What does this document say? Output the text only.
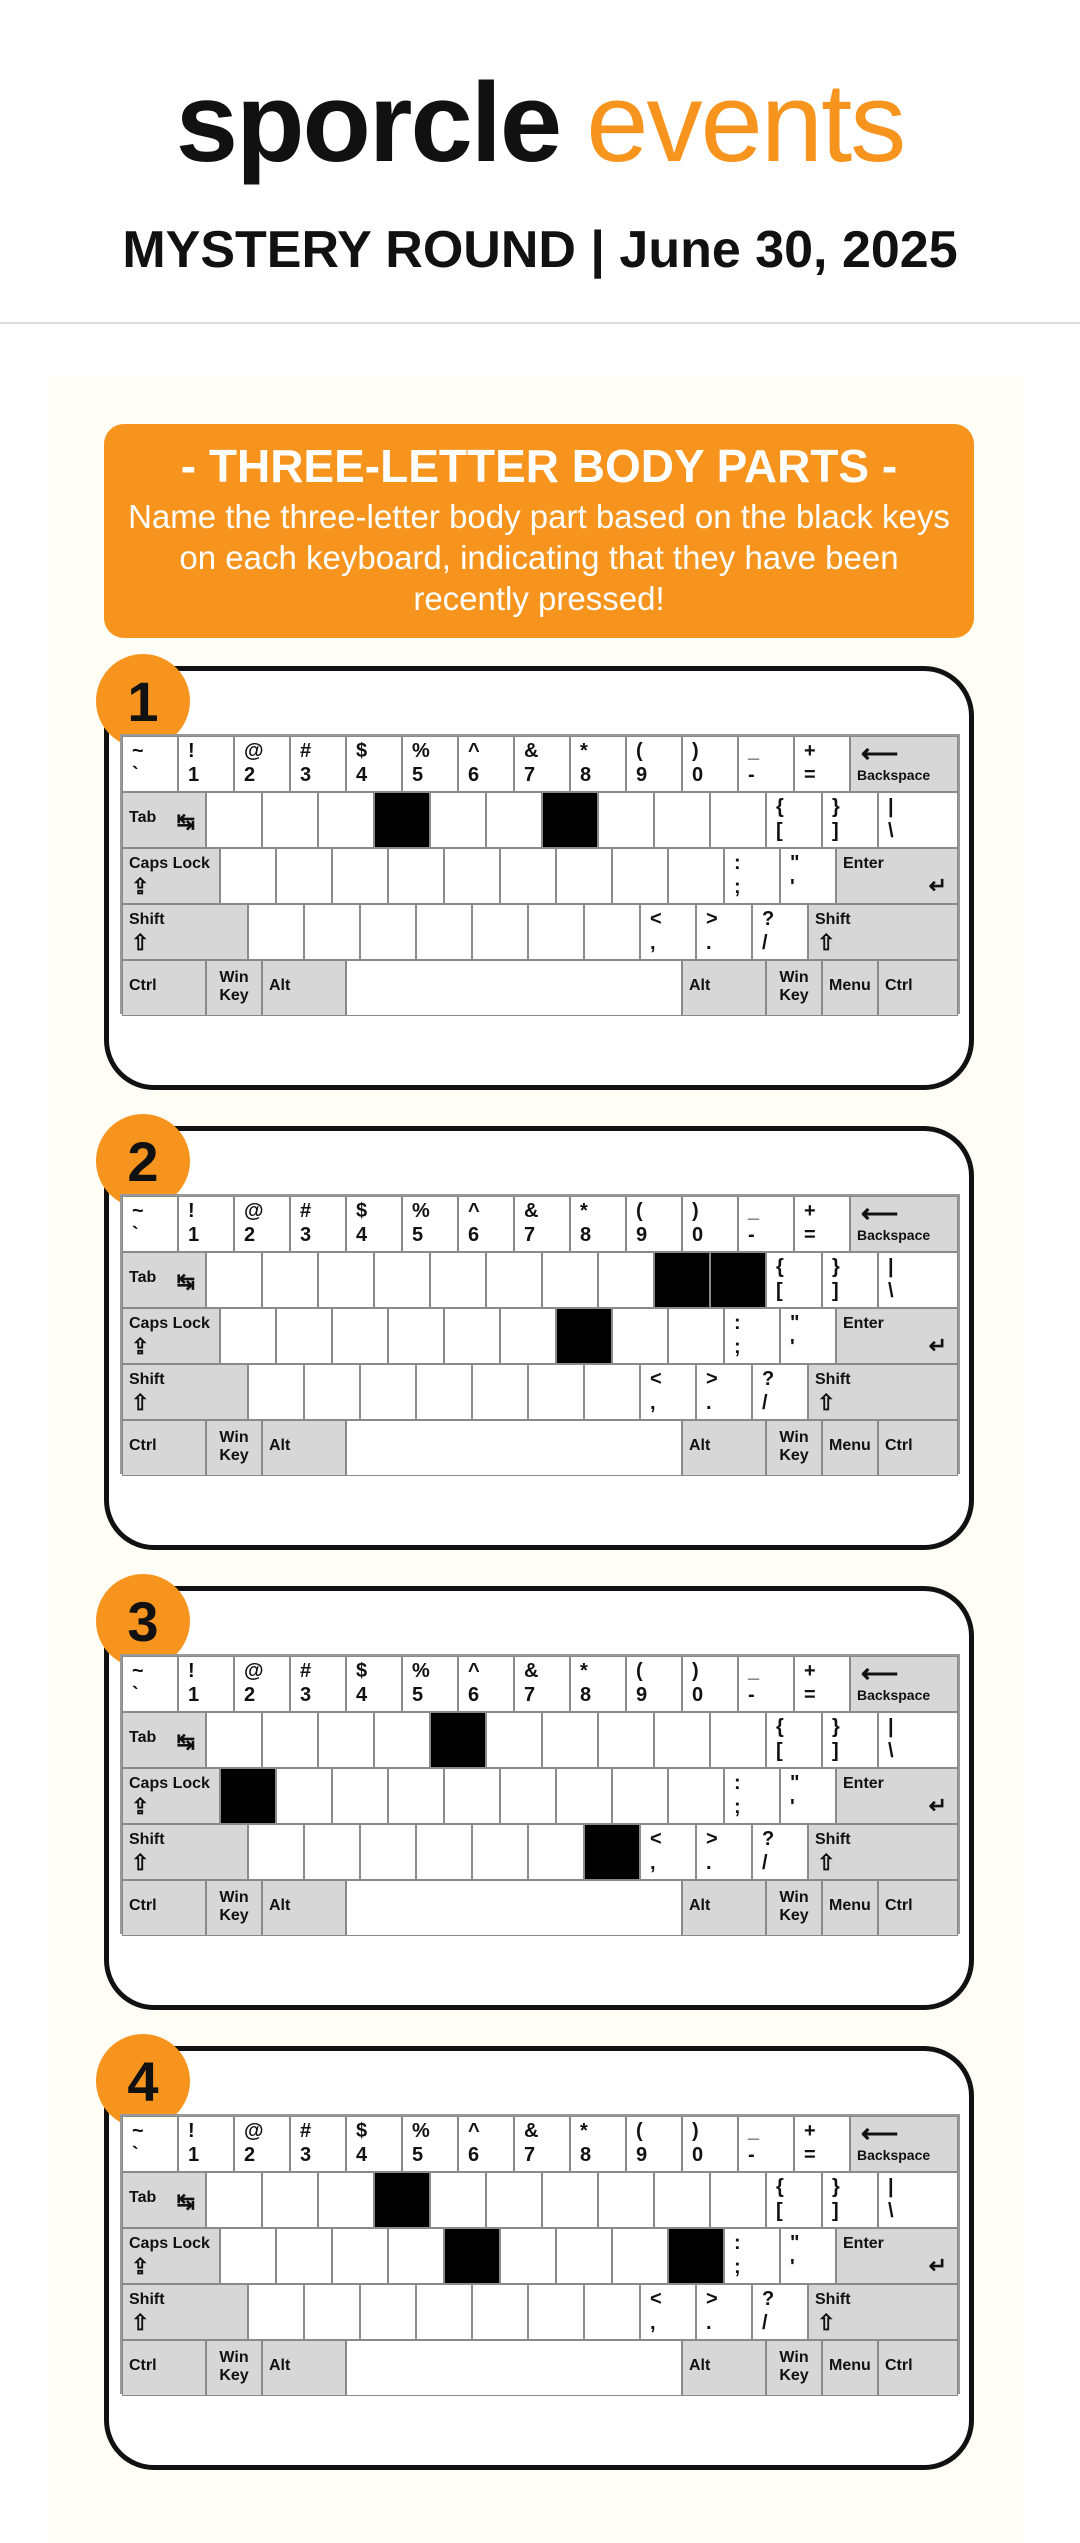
sporcle events
MYSTERY ROUND | June 30, 2025
- THREE-LETTER BODY PARTS -
Name the three-letter body part based on the black keys on each keyboard, indicating that they have been recently pressed!
1
~
`
!
1
@
2
#
3
$
4
%
5
^
6
&
7
*
8
(
9
)
0
_
-
+
=
⟵
Backspace
Tab ↹
{
[
}
]
|
\
Caps Lock
⇪
:
;
"
'
Enter
↵
Shift
⇧
<
,
>
.
?
/
Shift
⇧
Ctrl	Win Key
Alt	Alt	Win Key
Menu Ctrl
2
~
`
!
1
@
2
#
3
$
4
%
5
^
6
&
7
*
8
(
9
)
0
_
-
+
=
⟵
Backspace
Tab ↹
{
[
}
]
|
\
Caps Lock
⇪
:
;
"
'
Enter
↵
Shift
⇧
<
,
>
.
?
/
Shift
⇧
Ctrl	Win Key
Alt	Alt	Win Key
Menu Ctrl
3
~
`
!
1
@
2
#
3
$
4
%
5
^
6
&
7
*
8
(
9
)
0
_
-
+
=
⟵
Backspace
Tab ↹
{
[
}
]
|
\
Caps Lock
⇪
:
;
"
'
Enter
↵
Shift
⇧
<
,
>
.
?
/
Shift
⇧
Ctrl	Win Key
Alt	Alt	Win Key
Menu Ctrl
4
~
`
!
1
@
2
#
3
$
4
%
5
^
6
&
7
*
8
(
9
)
0
_
-
+
=
⟵
Backspace
Tab ↹
{
[
}
]
|
\
Caps Lock
⇪
:
;
"
'
Enter
↵
Shift
⇧
<
,
>
.
?
/
Shift
⇧
Ctrl	Win Key
Alt	Alt	Win Key
Menu Ctrl
